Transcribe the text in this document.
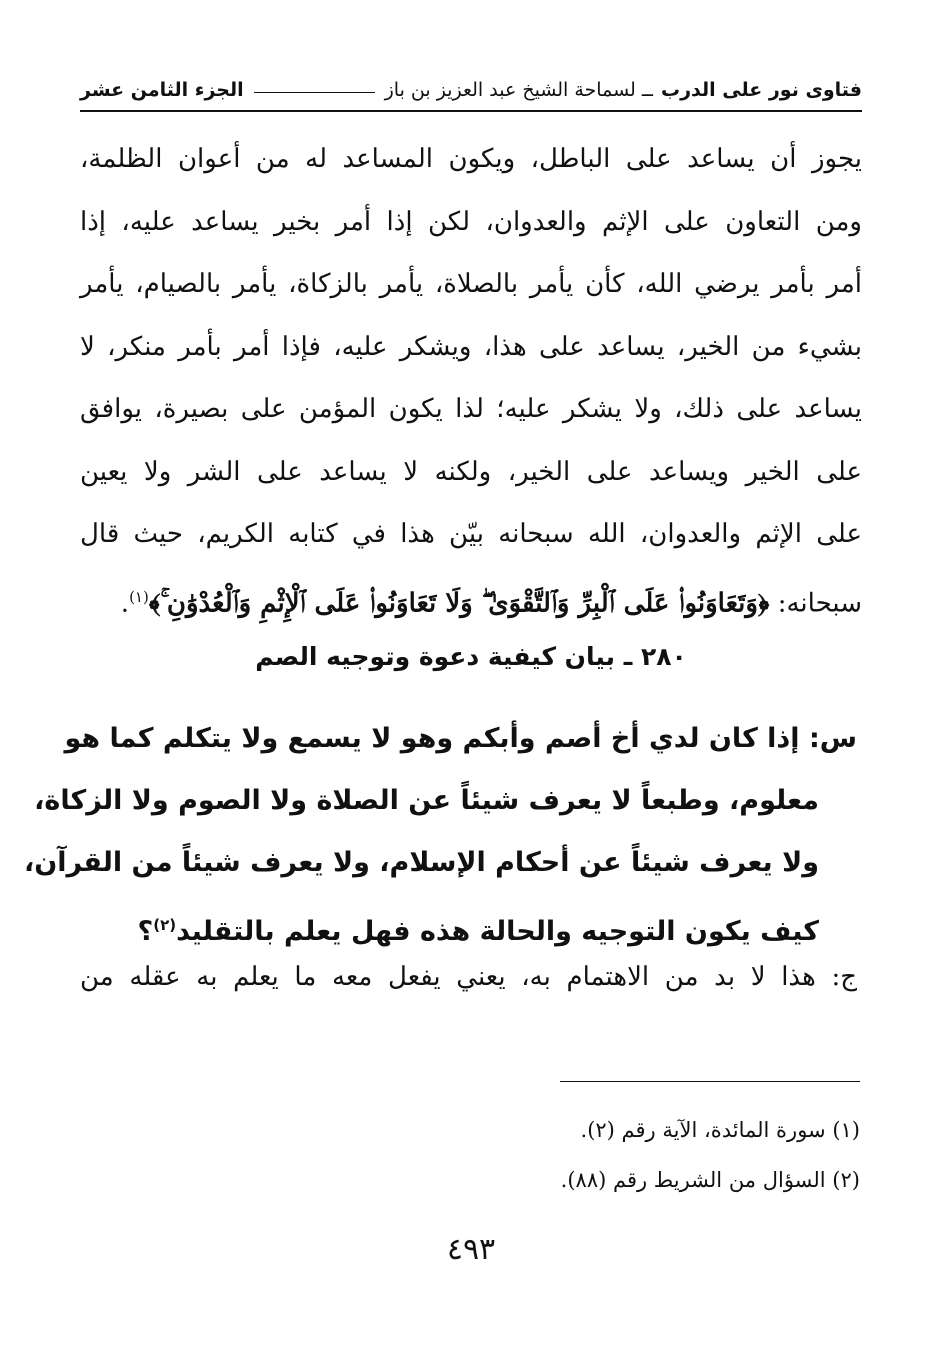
فتاوى نور على الدرب
ــ لسماحة الشيخ عبد العزيز بن باز
الجزء الثامن عشر
يجوز أن يساعد على الباطل، ويكون المساعد له من أعوان الظلمة،
ومن التعاون على الإثم والعدوان، لكن إذا أمر بخير يساعد عليه، إذا
أمر بأمر يرضي الله، كأن يأمر بالصلاة، يأمر بالزكاة، يأمر بالصيام، يأمر
بشيء من الخير، يساعد على هذا، ويشكر عليه، فإذا أمر بأمر منكر، لا
يساعد على ذلك، ولا يشكر عليه؛ لذا يكون المؤمن على بصيرة، يوافق
على الخير ويساعد على الخير، ولكنه لا يساعد على الشر ولا يعين
على الإثم والعدوان، الله سبحانه بيّن هذا في كتابه الكريم، حيث قال
سبحانه: ﴿وَتَعَاوَنُوا۟ عَلَى ٱلْبِرِّ وَٱلتَّقْوَىٰ ۖ وَلَا تَعَاوَنُوا۟ عَلَى ٱلْإِثْمِ وَٱلْعُدْوَٰنِ ۚ﴾$^{(١)}$.
٢٨٠ ـ بيان كيفية دعوة وتوجيه الصم
س: إذا كان لدي أخ أصم وأبكم وهو لا يسمع ولا يتكلم كما هو
معلوم، وطبعاً لا يعرف شيئاً عن الصلاة ولا الصوم ولا الزكاة،
ولا يعرف شيئاً عن أحكام الإسلام، ولا يعرف شيئاً من القرآن،
كيف يكون التوجيه والحالة هذه فهل يعلم بالتقليد$^{(٢)}$؟
ج: هذا لا بد من الاهتمام به، يعني يفعل معه ما يعلم به عقله من
(١) سورة المائدة، الآية رقم (٢).
(٢) السؤال من الشريط رقم (٨٨).
٤٩٣
